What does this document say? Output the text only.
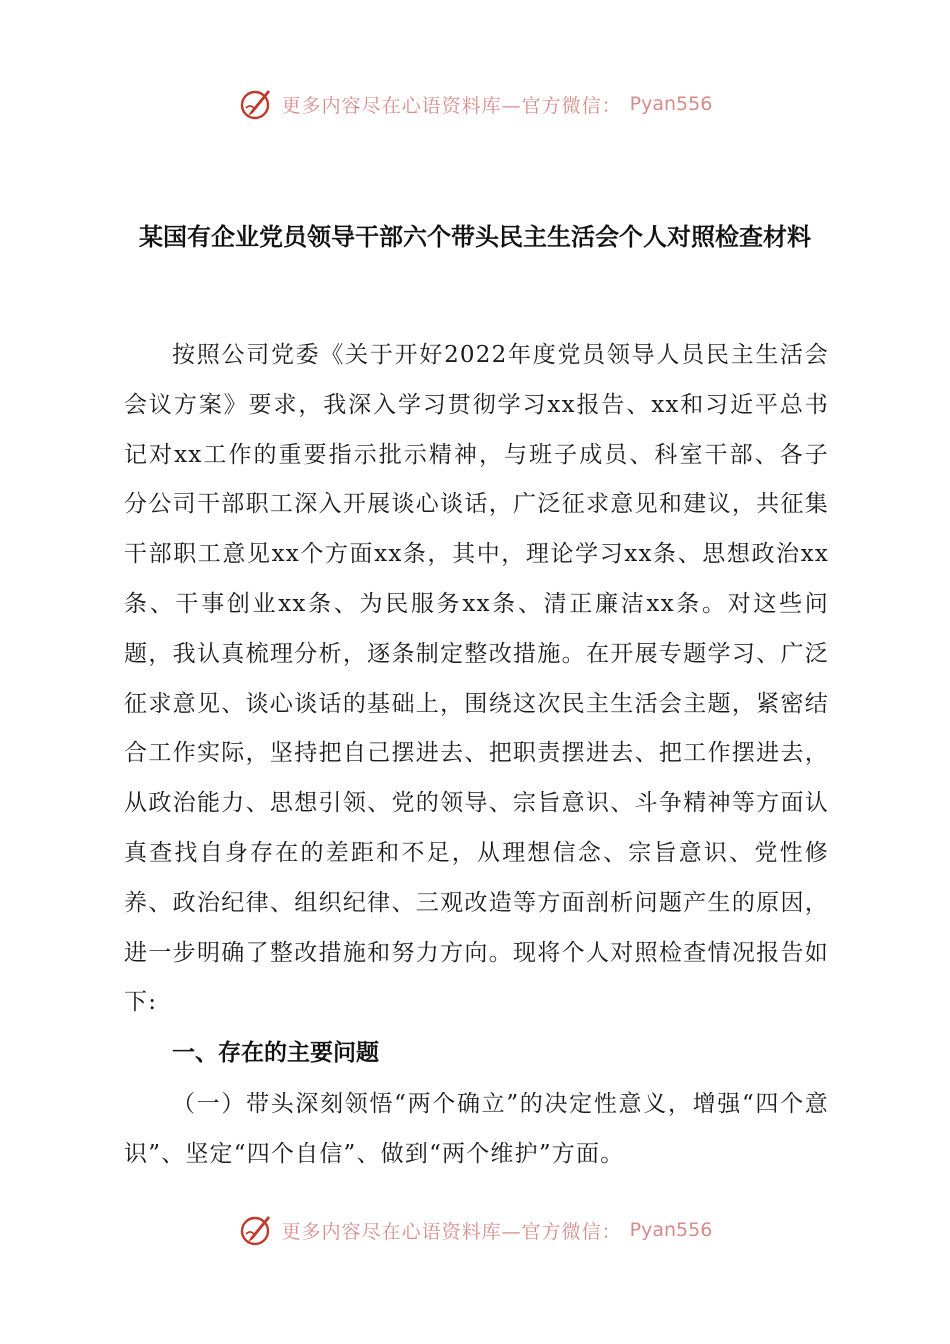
更多内容尽在心语资料库—官方微信： Pyan556
某国有企业党员领导干部六个带头民主生活会个人对照检查材料

按照公司党委《关于开好2022年度党员领导人员民主生活会会议方案》要求，我深入学习贯彻学习xx报告、xx和习近平总书记对xx工作的重要指示批示精神，与班子成员、科室干部、各子分公司干部职工深入开展谈心谈话，广泛征求意见和建议，共征集干部职工意见xx个方面xx条，其中，理论学习xx条、思想政治xx条、干事创业xx条、为民服务xx条、清正廉洁xx条。对这些问题，我认真梳理分析，逐条制定整改措施。在开展专题学习、广泛征求意见、谈心谈话的基础上，围绕这次民主生活会主题，紧密结合工作实际，坚持把自己摆进去、把职责摆进去、把工作摆进去，从政治能力、思想引领、党的领导、宗旨意识、斗争精神等方面认真查找自身存在的差距和不足，从理想信念、宗旨意识、党性修养、政治纪律、组织纪律、三观改造等方面剖析问题产生的原因，进一步明确了整改措施和努力方向。现将个人对照检查情况报告如下:

一、存在的主要问题

（一）带头深刻领悟“两个确立”的决定性意义，增强“四个意识”、坚定“四个自信”、做到“两个维护”方面。

更多内容尽在心语资料库—官方微信： Pyan556
